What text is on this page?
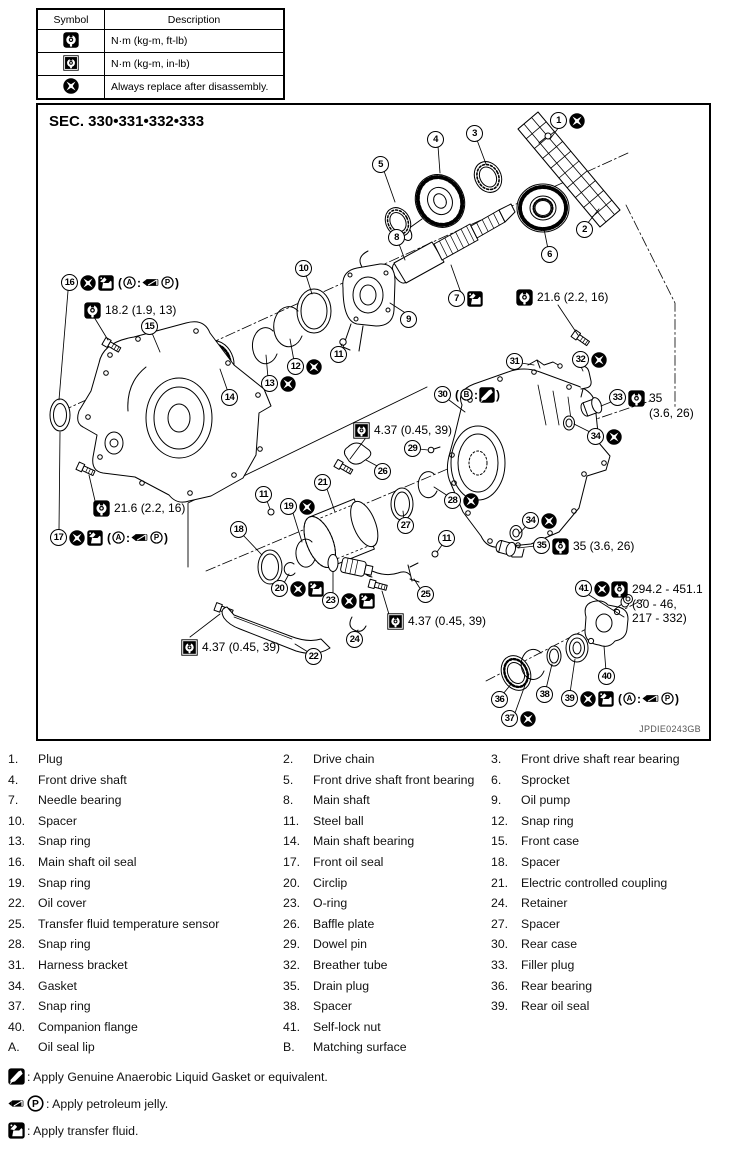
Symbol	Description

	N·m (kg-m, ft-lb)

	N·m (kg-m, in-lb)

	Always replace after disassembly.
1
2
3
4
5
6
7
8
9
10
11
11
11
12
13
14
15
16	( A :	P )
17	( A :	P )
18
19
20
21
22
23
24
25
26
27
28
29
30 ( B : )
31	32
33
34
34
35
36
37
38	39	( A :	P )
40
41
18.2 (1.9, 13)
21.6 (2.2, 16)
21.6 (2.2, 16)
35
(3.6, 26)
35 (3.6, 26)
294.2 - 451.1
(30 - 46,
217 - 332)
4.37 (0.45, 39)
4.37 (0.45, 39)
4.37 (0.45, 39)
SEC. 330•331•332•333
JPDIE0243GB
1.	Plug	2.	Drive chain	3.	Front drive shaft rear bearing
4.	Front drive shaft	5.	Front drive shaft front bearing 6.	Sprocket
7.	Needle bearing	8.	Main shaft	9.	Oil pump
10.	Spacer	11.	Steel ball	12.	Snap ring
13.	Snap ring	14.	Main shaft bearing	15.	Front case
16.	Main shaft oil seal	17.	Front oil seal	18.	Spacer
19.	Snap ring	20.	Circlip	21.	Electric controlled coupling
22.	Oil cover	23.	O-ring	24.	Retainer
25.	Transfer fluid temperature sensor	26.	Baffle plate	27.	Spacer
28.	Snap ring	29.	Dowel pin	30.	Rear case
31.	Harness bracket	32.	Breather tube	33.	Filler plug
34.	Gasket	35.	Drain plug	36.	Rear bearing
37.	Snap ring	38.	Spacer	39.	Rear oil seal
40.	Companion flange	41.	Self-lock nut
A.	Oil seal lip	B.	Matching surface
: Apply Genuine Anaerobic Liquid Gasket or equivalent.
P : Apply petroleum jelly.
: Apply transfer fluid.
